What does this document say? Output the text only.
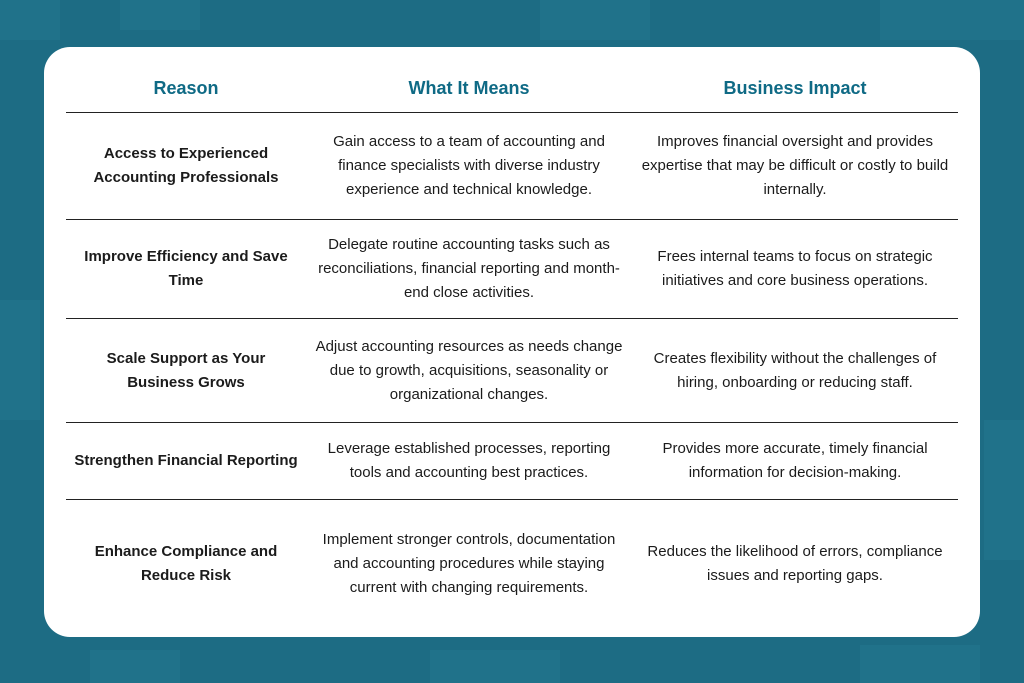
Reason	What It Means	Business Impact
Access to Experienced Accounting Professionals
Gain access to a team of accounting and finance specialists with diverse industry experience and technical knowledge.
Improves financial oversight and provides expertise that may be difficult or costly to build internally.
Improve Efficiency and Save Time
Delegate routine accounting tasks such as reconciliations, financial reporting and month-end close activities.
Frees internal teams to focus on strategic initiatives and core business operations.
Scale Support as Your Business Grows
Adjust accounting resources as needs change due to growth, acquisitions, seasonality or organizational changes.
Creates flexibility without the challenges of hiring, onboarding or reducing staff.
Strengthen Financial Reporting
Leverage established processes, reporting tools and accounting best practices.
Provides more accurate, timely financial information for decision-making.
Enhance Compliance and Reduce Risk
Implement stronger controls, documentation and accounting procedures while staying current with changing requirements.
Reduces the likelihood of errors, compliance issues and reporting gaps.
